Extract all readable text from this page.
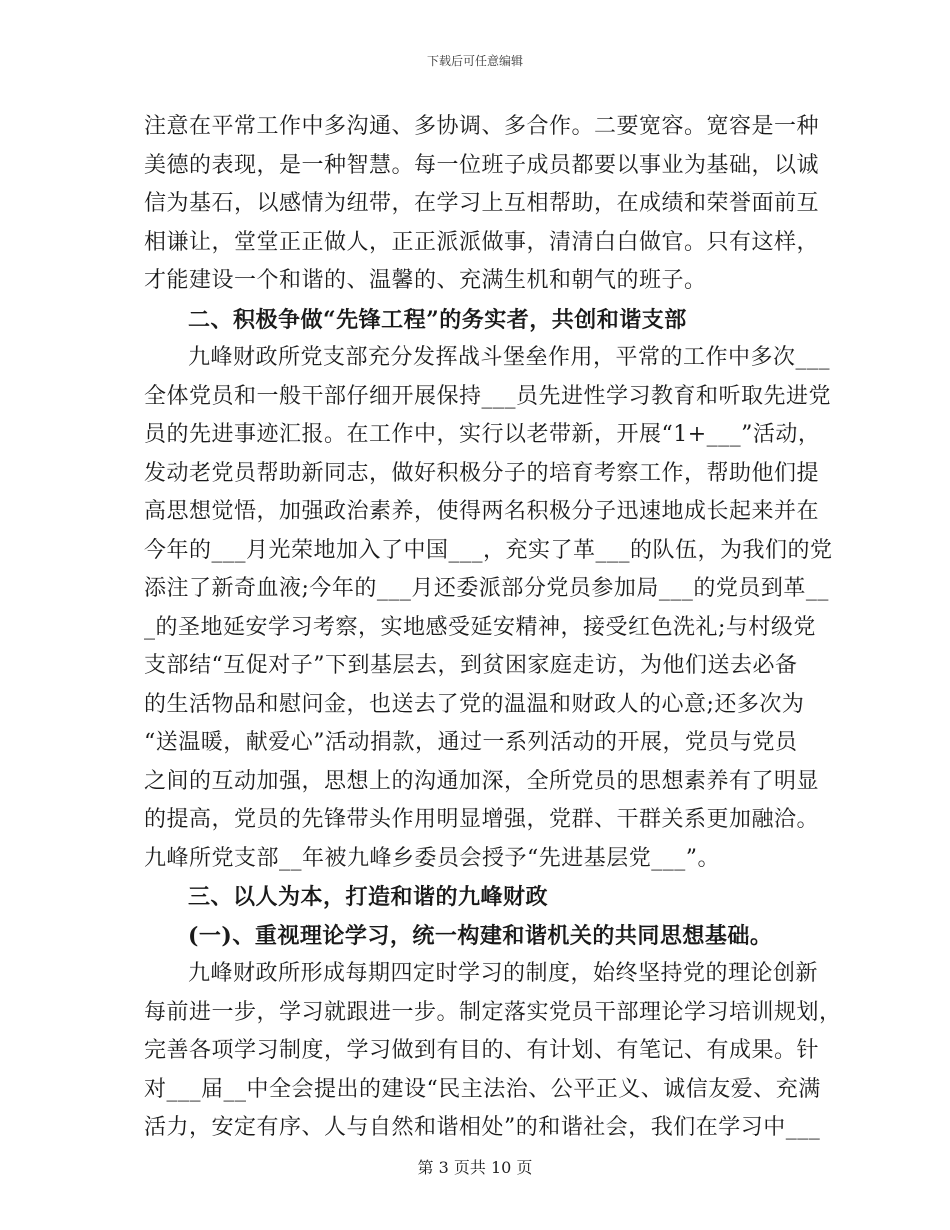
下载后可任意编辑
注意在平常工作中多沟通、多协调、多合作。二要宽容。宽容是一种
美德的表现，是一种智慧。每一位班子成员都要以事业为基础，以诚
信为基石，以感情为纽带，在学习上互相帮助，在成绩和荣誉面前互
相谦让，堂堂正正做人，正正派派做事，清清白白做官。只有这样，
才能建设一个和谐的、温馨的、充满生机和朝气的班子。
二、积极争做“先锋工程”的务实者，共创和谐支部
九峰财政所党支部充分发挥战斗堡垒作用，平常的工作中多次___
全体党员和一般干部仔细开展保持___员先进性学习教育和听取先进党
员的先进事迹汇报。在工作中，实行以老带新，开展“1+___”活动，
发动老党员帮助新同志，做好积极分子的培育考察工作，帮助他们提
高思想觉悟，加强政治素养，使得两名积极分子迅速地成长起来并在
今年的___月光荣地加入了中国___，充实了革___的队伍，为我们的党
添注了新奇血液;今年的___月还委派部分党员参加局___的党员到革__
_的圣地延安学习考察，实地感受延安精神，接受红色洗礼;与村级党
支部结“互促对子”下到基层去，到贫困家庭走访，为他们送去必备
的生活物品和慰问金，也送去了党的温温和财政人的心意;还多次为
“送温暖，献爱心”活动捐款，通过一系列活动的开展，党员与党员
之间的互动加强，思想上的沟通加深，全所党员的思想素养有了明显
的提高，党员的先锋带头作用明显增强，党群、干群关系更加融洽。
九峰所党支部__年被九峰乡委员会授予“先进基层党___”。
三、以人为本，打造和谐的九峰财政
(一)、重视理论学习，统一构建和谐机关的共同思想基础。
九峰财政所形成每期四定时学习的制度，始终坚持党的理论创新
每前进一步，学习就跟进一步。制定落实党员干部理论学习培训规划，
完善各项学习制度，学习做到有目的、有计划、有笔记、有成果。针
对___届__中全会提出的建设“民主法治、公平正义、诚信友爱、充满
活力，安定有序、人与自然和谐相处”的和谐社会，我们在学习中___
第 3 页共 10 页
